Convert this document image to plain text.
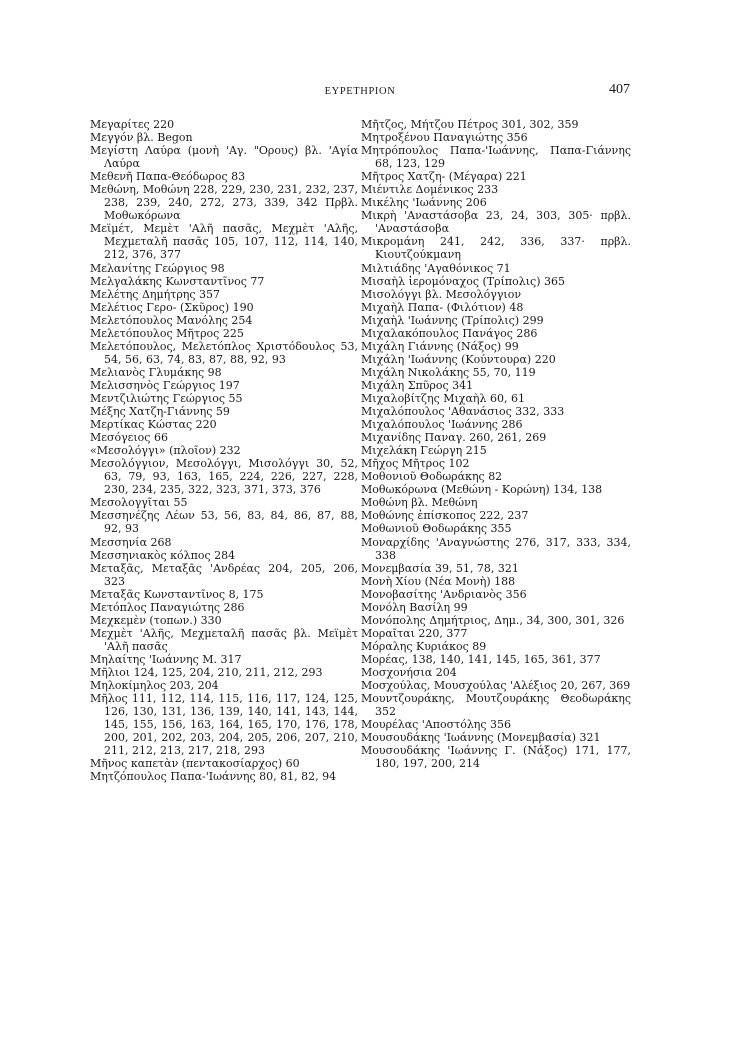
ΕΥΡΕΤΗΡΙΟΝ	407
Μεγαρίτες 220
Μεγγόν βλ. Begon
Μεγίστη Λαύρα (μονὴ 'Αγ. "Ορους) βλ. 'Αγία Λαύρα
Μεθενῆ Παπα-Θεόδωρος 83
Μεθώνη, Μοθώνη 228, 229, 230, 231, 232, 237, 238, 239, 240, 272, 273, 339, 342 Πρβλ. Μοθωκόρωνα
Μεϊμέτ, Μεμὲτ 'Αλῆ πασᾶς, Μεχμὲτ 'Αλῆς, Μεχμεταλῆ πασᾶς 105, 107, 112, 114, 140, 212, 376, 377
Μελανίτης Γεώργιος 98
Μελγαλάκης Κωνσταντῖνος 77
Μελέτης Δημήτρης 357
Μελέτιος Γερο- (Σκῦρος) 190
Μελετόπουλος Μανόλης 254
Μελετόπουλος Μῆτρος 225
Μελετόπουλος, Μελετόπλος Χριστόδουλος 53, 54, 56, 63, 74, 83, 87, 88, 92, 93
Μελιανὸς Γλυμάκης 98
Μελισσηνὸς Γεώργιος 197
Μεντζιλιώτης Γεώργιος 55
Μέξης Χατζη-Γιάννης 59
Μερτίκας Κώστας 220
Μεσόγειος 66
«Μεσολόγγι» (πλοῖον) 232
Μεσολόγγιον, Μεσολόγγι, Μισολόγγι 30, 52, 63, 79, 93, 163, 165, 224, 226, 227, 228, 230, 234, 235, 322, 323, 371, 373, 376
Μεσολογγῖται 55
Μεσσηνέζης Λέων 53, 56, 83, 84, 86, 87, 88, 92, 93
Μεσσηνία 268
Μεσσηνιακὸς κόλπος 284
Μεταξᾶς, Μεταξᾶς 'Ανδρέας 204, 205, 206, 323
Μεταξᾶς Κωνσταντῖνος 8, 175
Μετόπλος Παναγιώτης 286
Μεχκεμὲν (τοπων.) 330
Μεχμὲτ 'Αλῆς, Μεχμεταλῆ πασᾶς βλ. Μεϊμὲτ 'Αλῆ πασᾶς
Μηλαίτης 'Ιωάννης Μ. 317
Μῆλιοι 124, 125, 204, 210, 211, 212, 293
Μηλοκίμηλος 203, 204
Μῆλος 111, 112, 114, 115, 116, 117, 124, 125, 126, 130, 131, 136, 139, 140, 141, 143, 144, 145, 155, 156, 163, 164, 165, 170, 176, 178, 200, 201, 202, 203, 204, 205, 206, 207, 210, 211, 212, 213, 217, 218, 293
Μῆνος καπετὰν (πεντακοσίαρχος) 60
Μητζόπουλος Παπα-'Ιωάννης 80, 81, 82, 94
Μῆτζος, Μήτζου Πέτρος 301, 302, 359
Μητροξένου Παναγιώτης 356
Μητρόπουλος Παπα-'Ιωάννης, Παπα-Γιάννης 68, 123, 129
Μῆτρος Χατζη- (Μέγαρα) 221
Μιέντιλε Δομένικος 233
Μικέλης 'Ιωάννης 206
Μικρὴ 'Αναστάσοβα 23, 24, 303, 305· πρβλ. 'Αναστάσοβα
Μικρομάνη 241, 242, 336, 337· πρβλ. Κιουτζούκμανη
Μιλτιάδης 'Αγαθόνικος 71
Μισαὴλ ἱερομόναχος (Τρίπολις) 365
Μισολόγγι βλ. Μεσολόγγιον
Μιχαὴλ Παπα- (Φιλότιον) 48
Μιχαὴλ 'Ιωάννης (Τρίπολις) 299
Μιχαλακόπουλος Πανάγος 286
Μιχάλη Γιάννης (Νάξος) 99
Μιχάλη 'Ιωάννης (Κούντουρα) 220
Μιχάλη Νικολάκης 55, 70, 119
Μιχάλη Σπῦρος 341
Μιχαλοβίτζης Μιχαὴλ 60, 61
Μιχαλόπουλος 'Αθανάσιος 332, 333
Μιχαλόπουλος 'Ιωάννης 286
Μιχανίδης Παναγ. 260, 261, 269
Μιχελάκη Γεώργη 215
Μῆχος Μῆτρος 102
Μοθονιοῦ Θοδωράκης 82
Μοθωκόρωνα (Μεθώνη - Κορώνη) 134, 138
Μοθώνη βλ. Μεθώνη
Μοθώνης ἐπίσκοπος 222, 237
Μοθωνιοῦ Θοδωράκης 355
Μοναρχίδης 'Αναγνώστης 276, 317, 333, 334, 338
Μονεμβασία 39, 51, 78, 321
Μονὴ Χίου (Νέα Μονὴ) 188
Μονοβασίτης 'Ανδριανὸς 356
Μονόλη Βασίλη 99
Μονόπολης Δημήτριος, Δημ., 34, 300, 301, 326
Μοραῖται 220, 377
Μόραλης Κυριάκος 89
Μορέας, 138, 140, 141, 145, 165, 361, 377
Μοσχονήσια 204
Μοσχούλας, Μουσχούλας 'Αλέξιος 20, 267, 369
Μουντζουράκης, Μουτζουράκης Θεοδωράκης 352
Μουρέλας 'Αποστόλης 356
Μουσουδάκης 'Ιωάννης (Μονεμβασία) 321
Μουσουδάκης 'Ιωάννης Γ. (Νάξος) 171, 177, 180, 197, 200, 214
